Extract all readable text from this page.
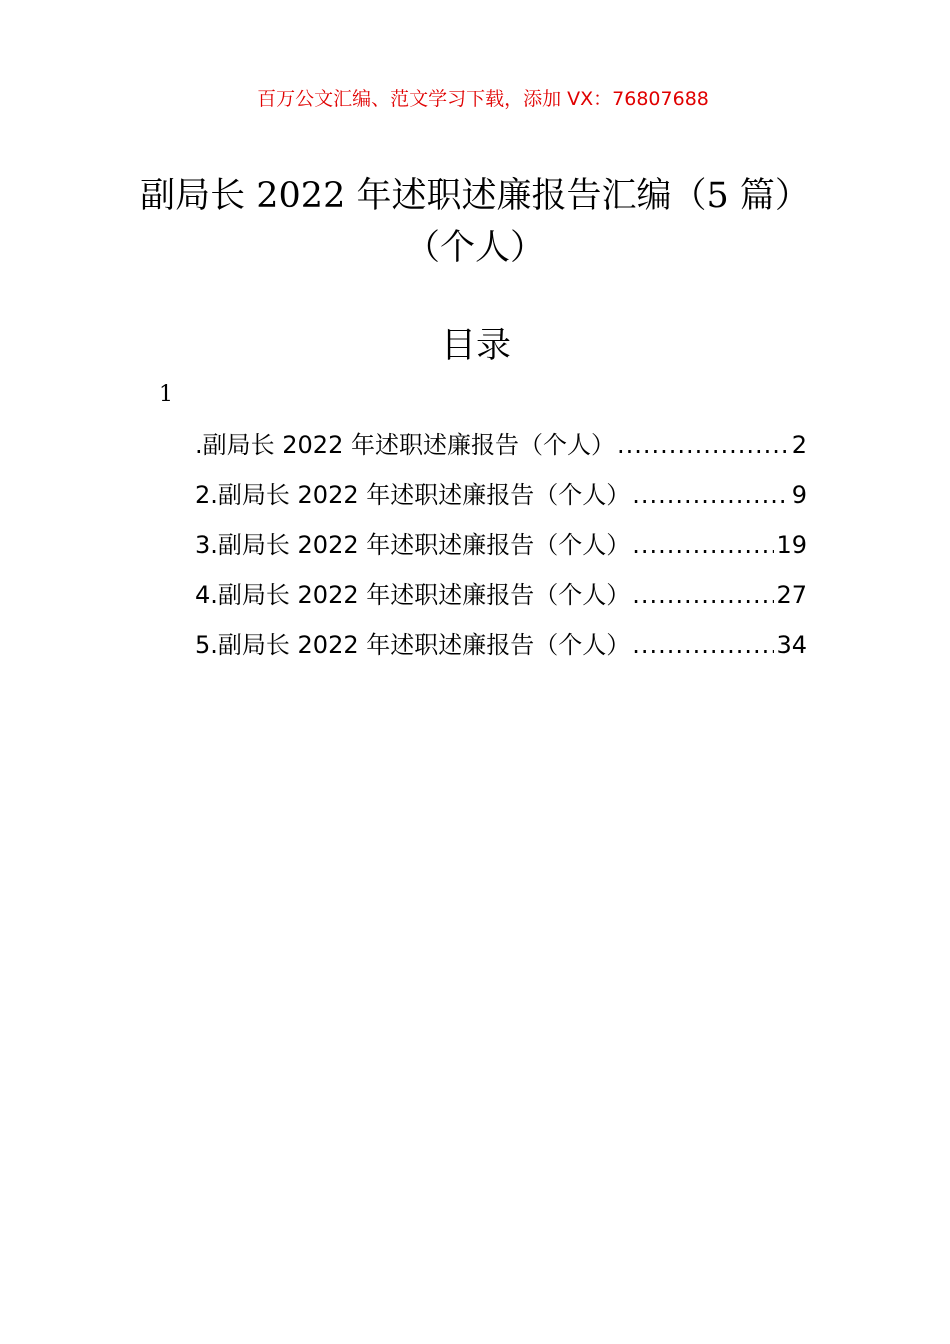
百万公文汇编、范文学习下载，添加 VX：76807688
副局长 2022 年述职述廉报告汇编（5 篇）
（个人）
目录
1
.副局长 2022 年述职述廉报告（个人） .....	2
2.副局长 2022 年述职述廉报告（个人） .....	9
3.副局长 2022 年述职述廉报告（个人） .....	19
4.副局长 2022 年述职述廉报告（个人） .....	27
5.副局长 2022 年述职述廉报告（个人） .....	34
